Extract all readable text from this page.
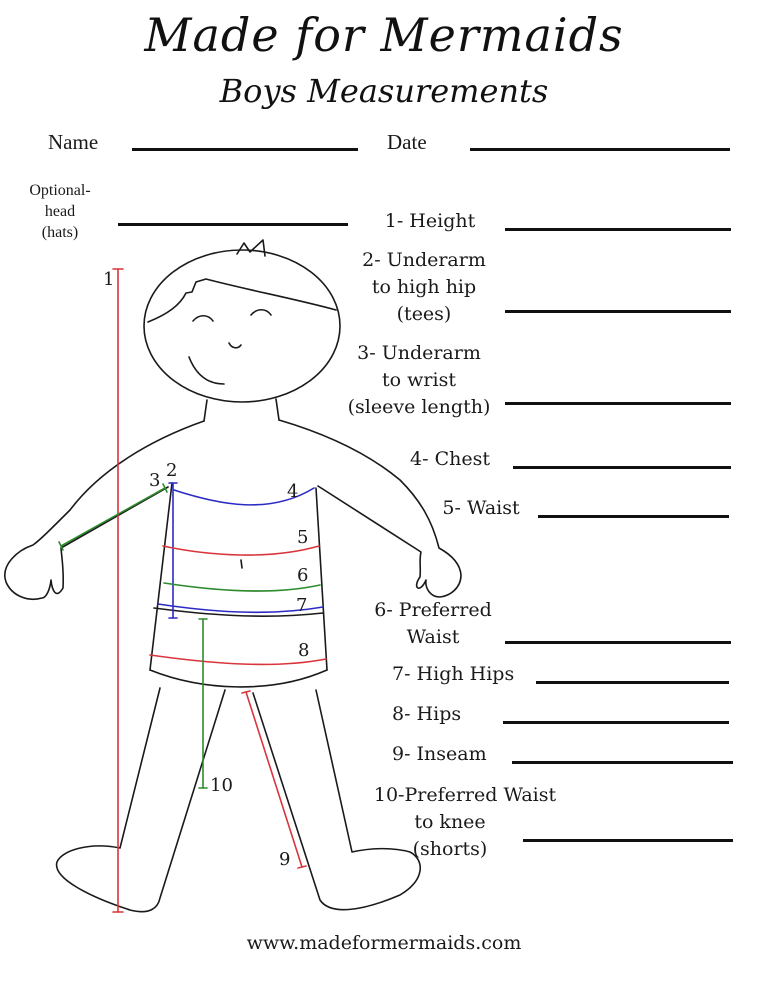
Made for Mermaids
Boys Measurements
Name	Date
Optional-
head
(hats)
1- Height
2- Underarm
to high hip
(tees)
3- Underarm
to wrist
(sleeve length)
4- Chest
5- Waist
6- Preferred
Waist
7- High Hips
8- Hips
9- Inseam
10-Preferred Waist
to knee
(shorts)
1
2
3
4
5
6
7
8
9
10
www.madeformermaids.com
